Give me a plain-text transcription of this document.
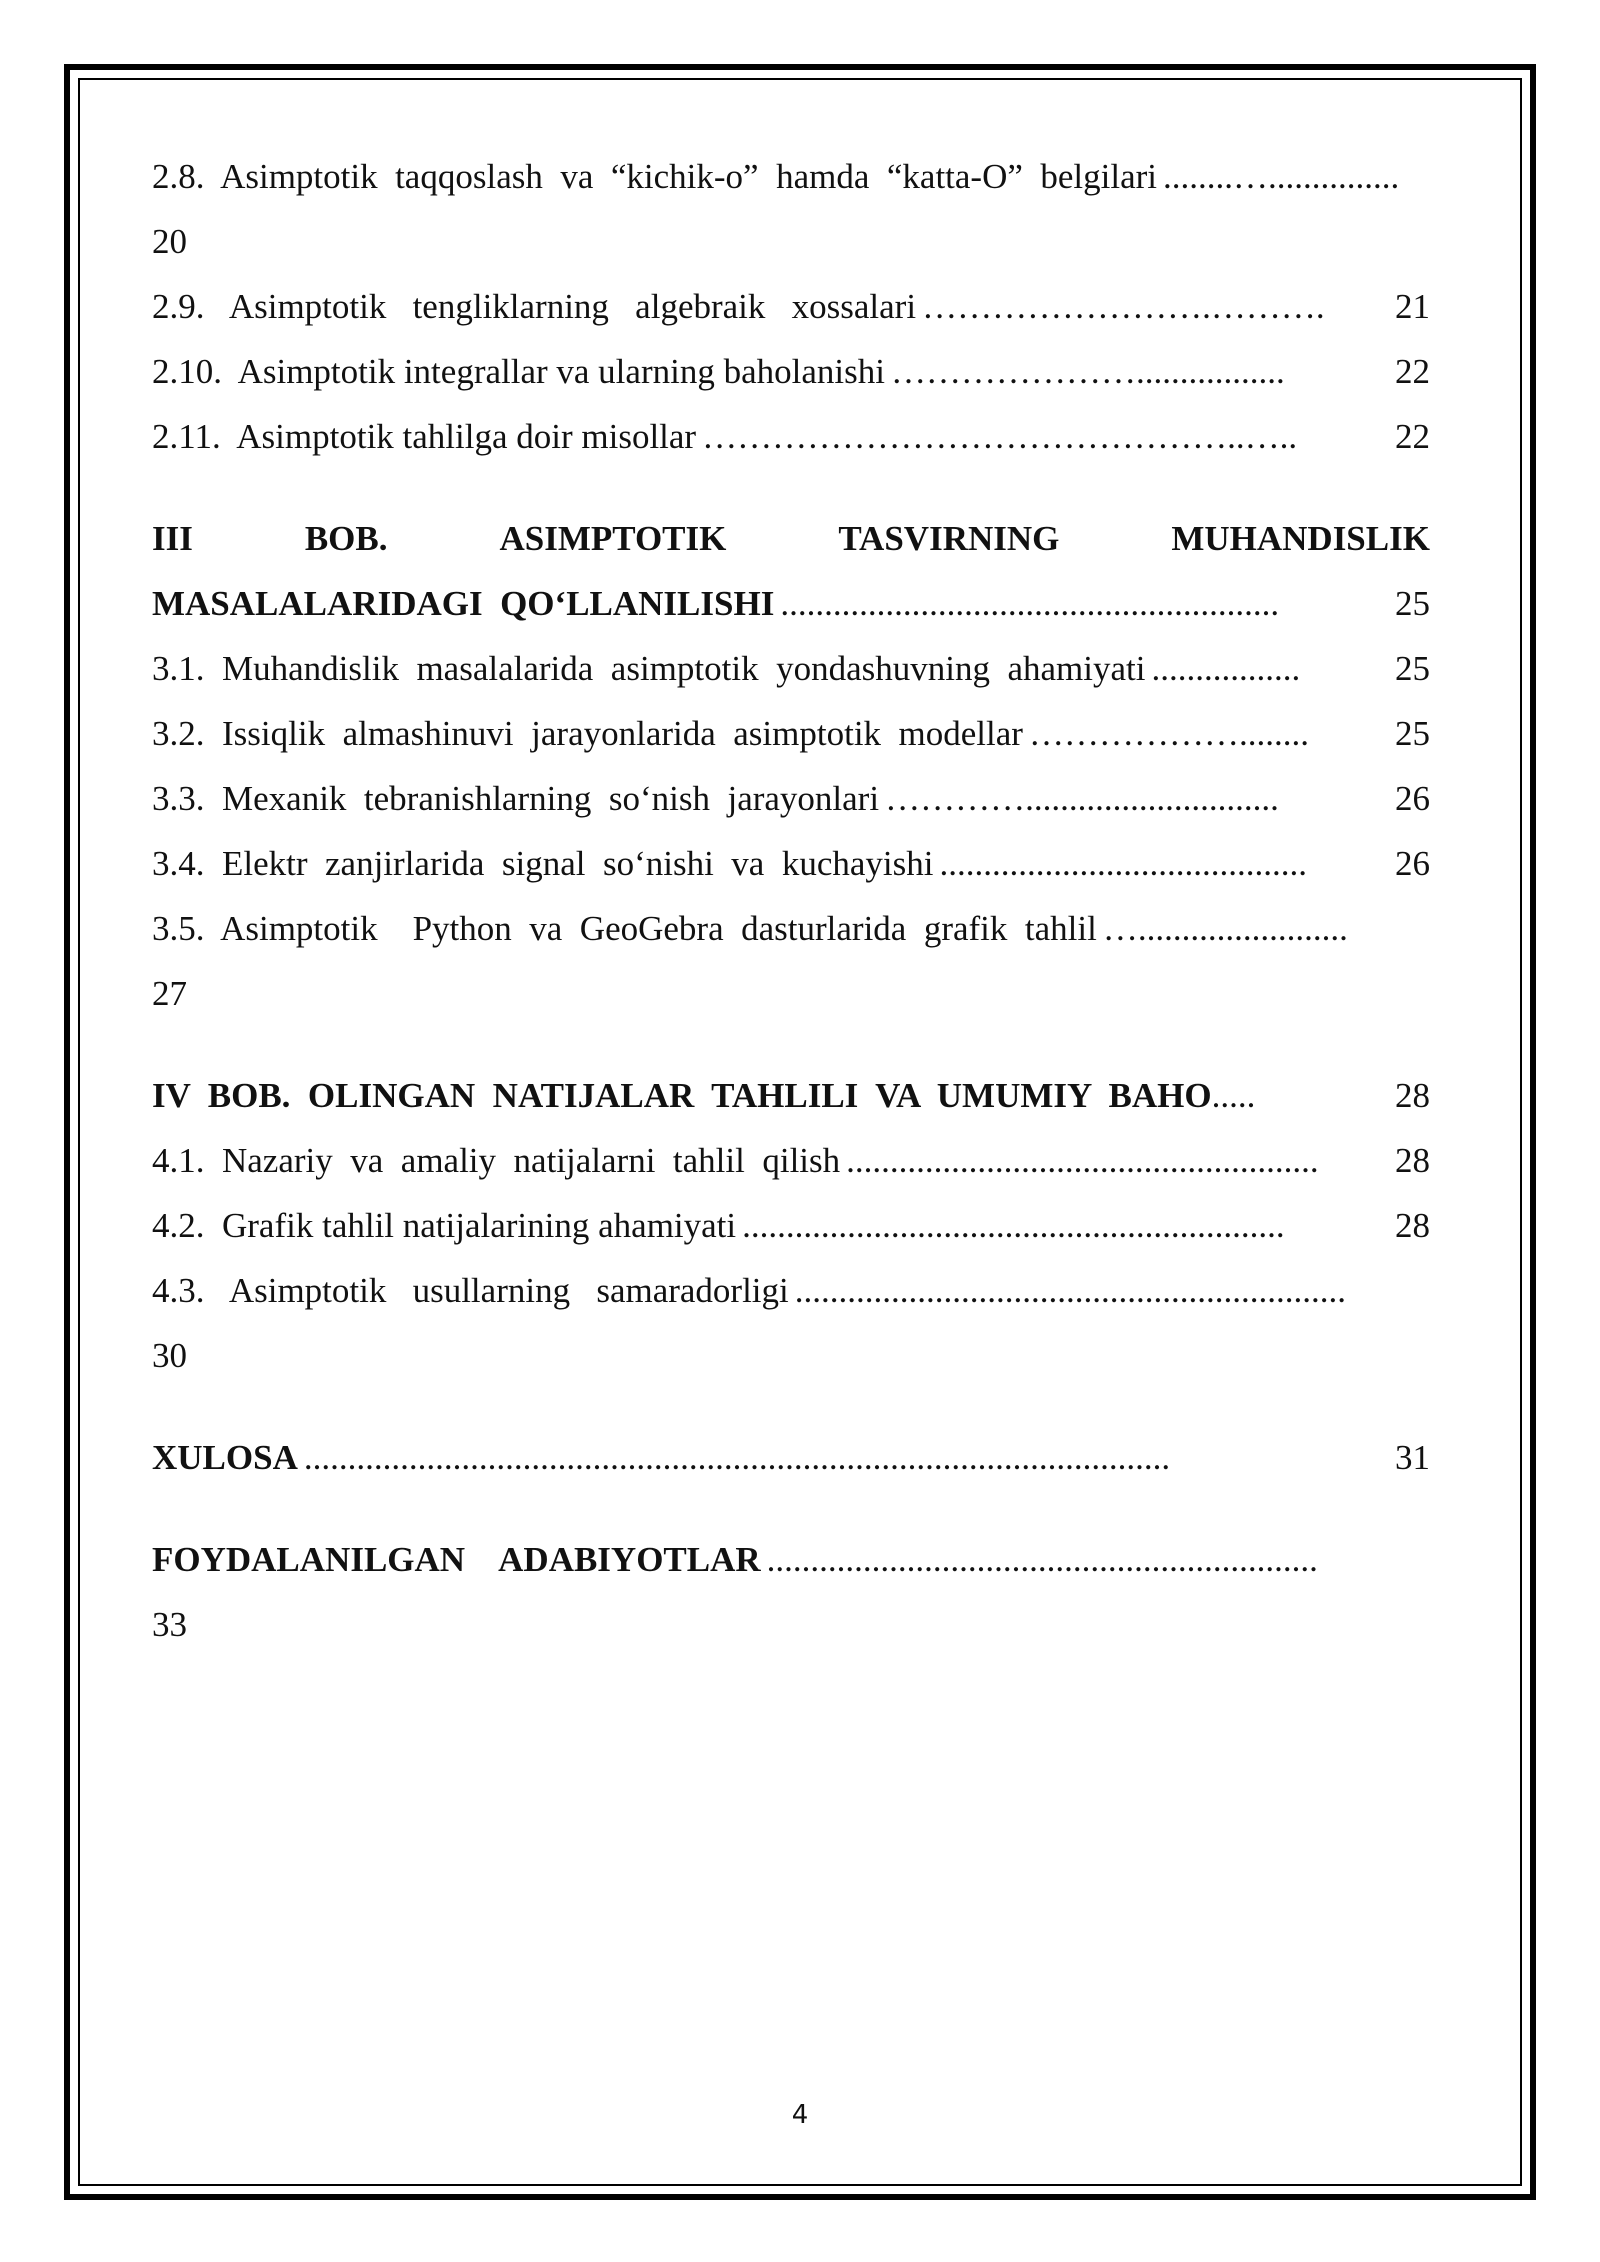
2.8.  Asimptotik  taqqoslash  va  “kichik-o”  hamda  “katta-O”  belgilari ........…...............
20
2.9.   Asimptotik   tengliklarning   algebraik   xossalari …………………….……….	21
2.10.  Asimptotik integrallar va ularning baholanishi ………………….................	22
2.11.  Asimptotik tahlilga doir misollar ………………………………………..…..	22
III	BOB.	ASIMPTOTIK	TASVIRNING	MUHANDISLIK
MASALALARIDAGI  QO‘LLANILISHI .........................................................	25
3.1.  Muhandislik  masalalarida  asimptotik  yondashuvning  ahamiyati .................	25
3.2.  Issiqlik  almashinuvi  jarayonlarida  asimptotik  modellar ………………........	25
3.3.  Mexanik  tebranishlarning  so‘nish  jarayonlari ………….............................	26
3.4.  Elektr  zanjirlarida  signal  so‘nishi  va  kuchayishi ..........................................	26
3.5.  Asimptotik    Python  va  GeoGebra  dasturlarida  grafik  tahlil …........................
27
IV  BOB.  OLINGAN  NATIJALAR  TAHLILI  VA  UMUMIY  BAHO .....	28
4.1.  Nazariy  va  amaliy  natijalarni  tahlil  qilish ......................................................	28
4.2.  Grafik tahlil natijalarining ahamiyati ..............................................................	28
4.3.   Asimptotik   usullarning   samaradorligi ...............................................................
30
XULOSA ...................................................................................................	31
FOYDALANILGAN    ADABIYOTLAR ...............................................................
33
4
